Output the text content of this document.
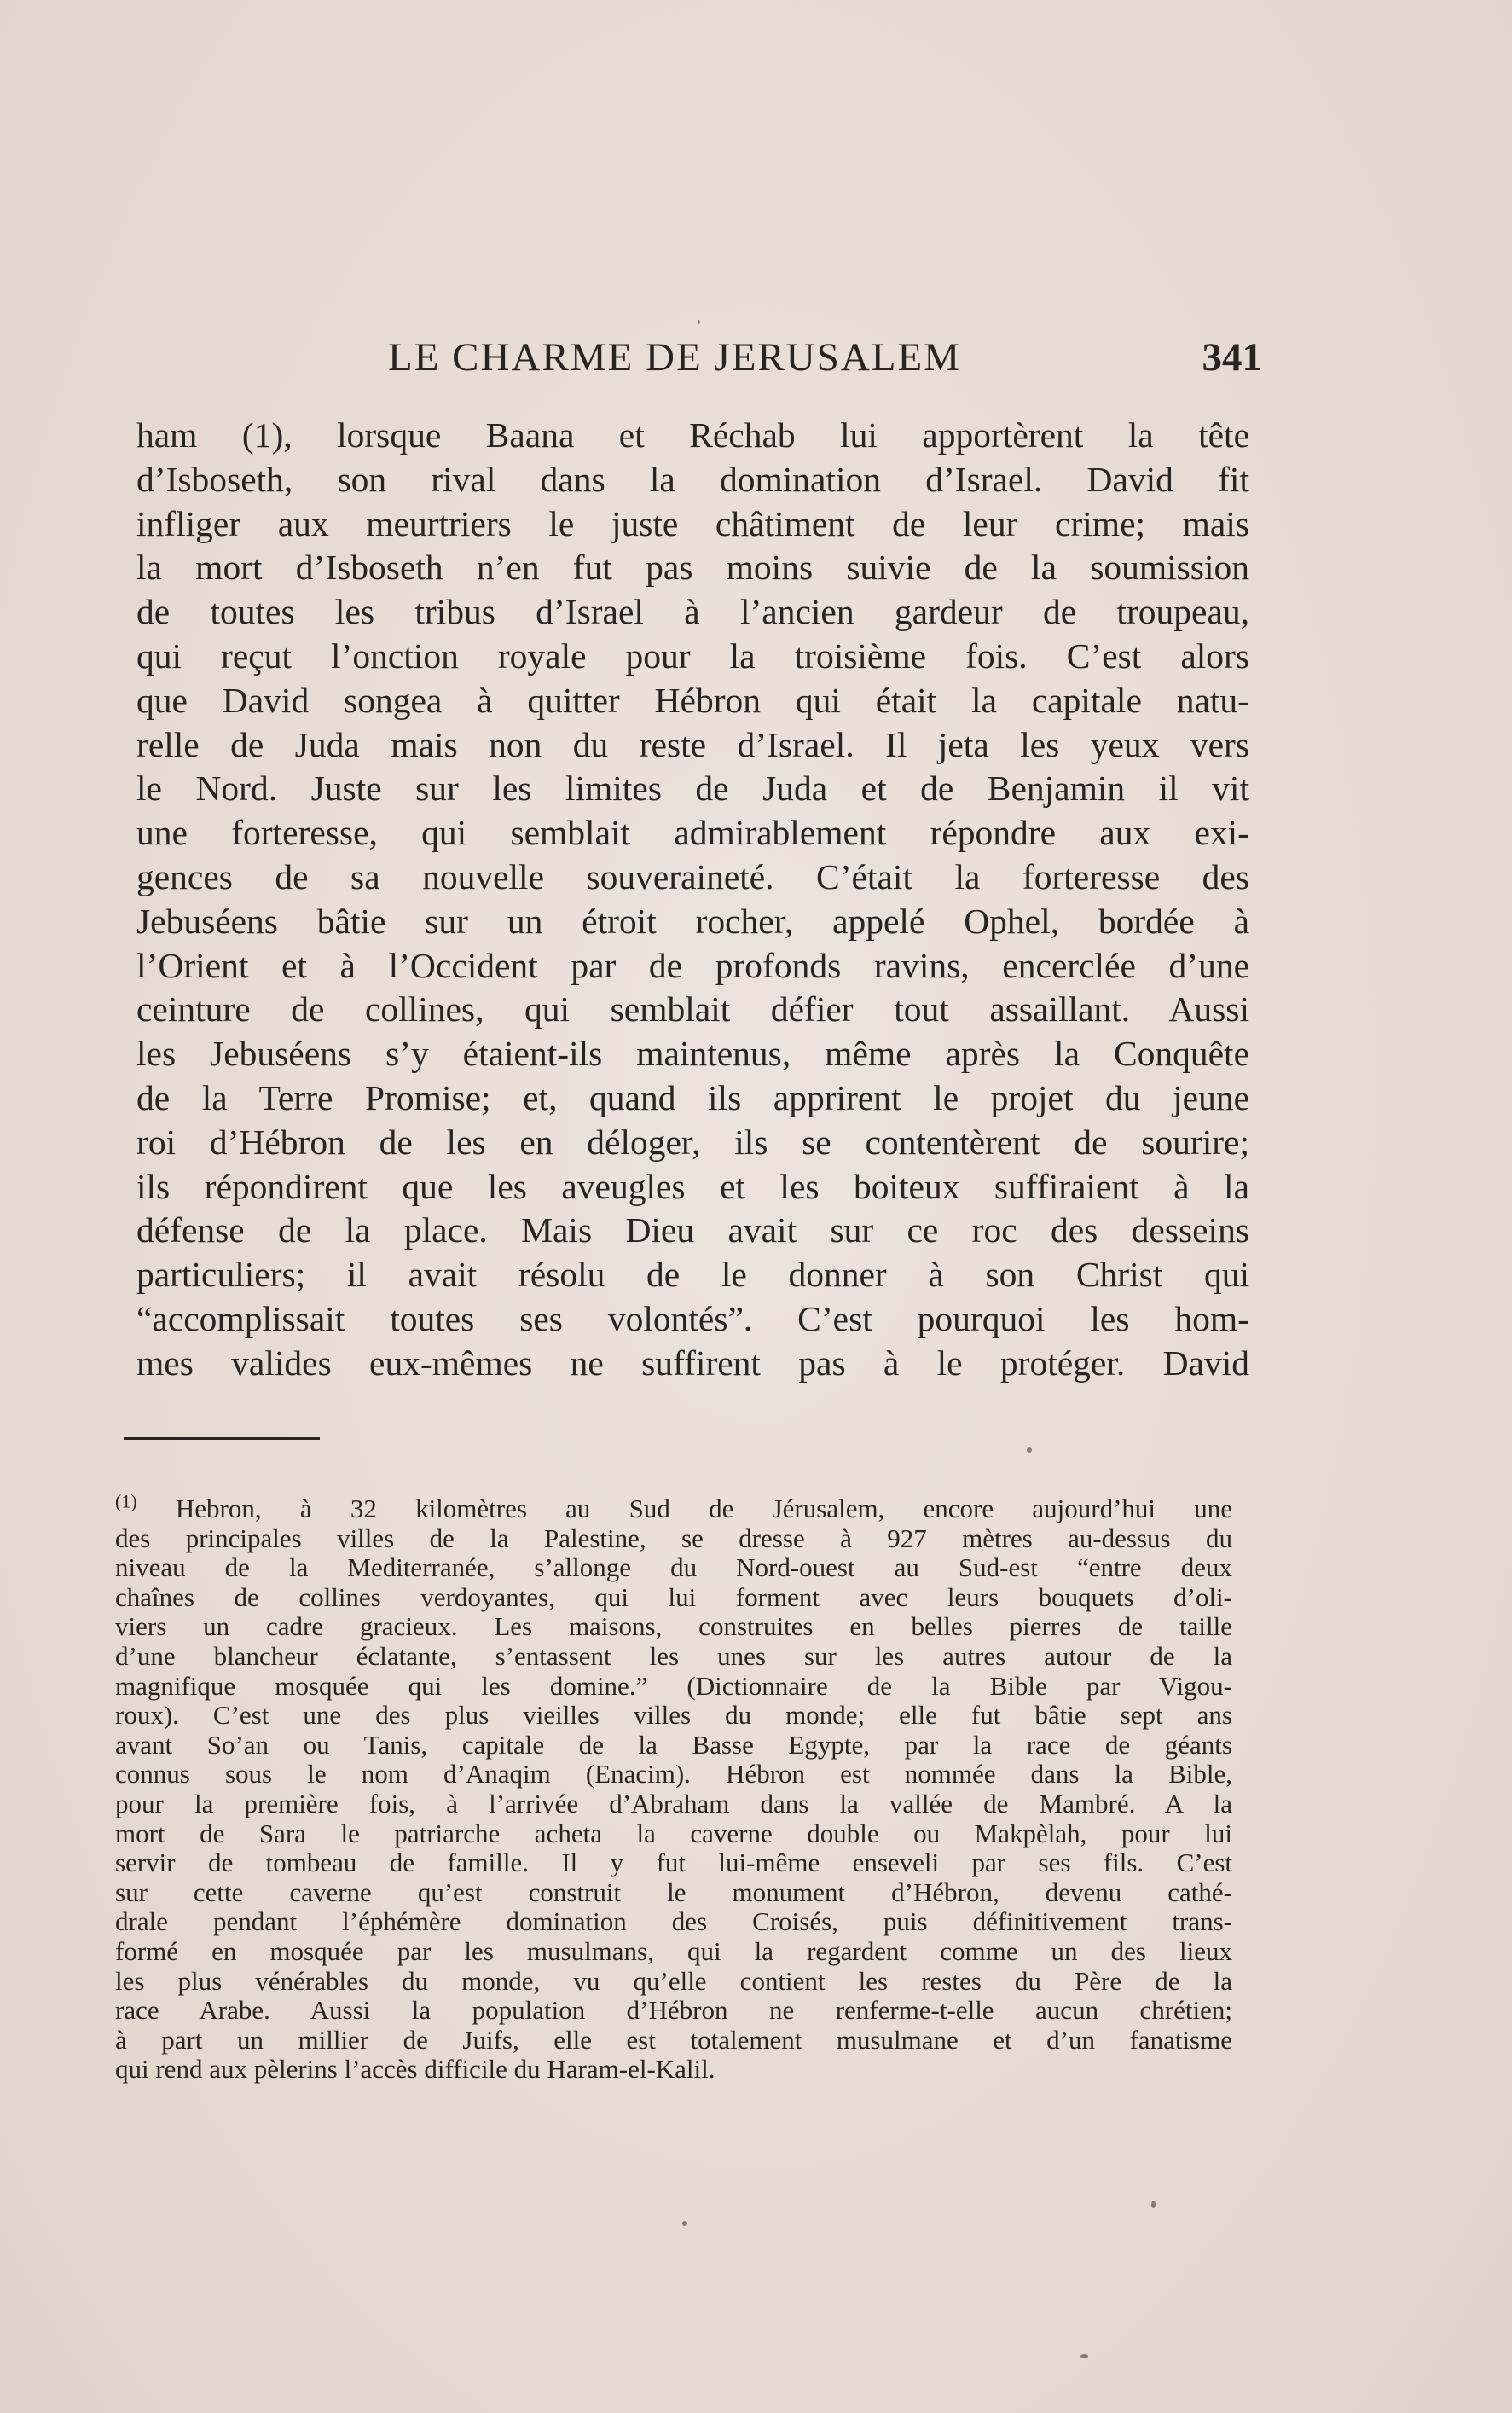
LE CHARME DE JERUSALEM	341
ham (1), lorsque Baana et Réchab lui apportèrent la tête
d’Isboseth, son rival dans la domination d’Israel. David fit
infliger aux meurtriers le juste châtiment de leur crime; mais
la mort d’Isboseth n’en fut pas moins suivie de la soumission
de toutes les tribus d’Israel à l’ancien gardeur de troupeau,
qui reçut l’onction royale pour la troisième fois. C’est alors
que David songea à quitter Hébron qui était la capitale natu-
relle de Juda mais non du reste d’Israel. Il jeta les yeux vers
le Nord. Juste sur les limites de Juda et de Benjamin il vit
une forteresse, qui semblait admirablement répondre aux exi-
gences de sa nouvelle souveraineté. C’était la forteresse des
Jebuséens bâtie sur un étroit rocher, appelé Ophel, bordée à
l’Orient et à l’Occident par de profonds ravins, encerclée d’une
ceinture de collines, qui semblait défier tout assaillant. Aussi
les Jebuséens s’y étaient-ils maintenus, même après la Conquête
de la Terre Promise; et, quand ils apprirent le projet du jeune
roi d’Hébron de les en déloger, ils se contentèrent de sourire;
ils répondirent que les aveugles et les boiteux suffiraient à la
défense de la place. Mais Dieu avait sur ce roc des desseins
particuliers; il avait résolu de le donner à son Christ qui
“accomplissait toutes ses volontés”. C’est pourquoi les hom-
mes valides eux-mêmes ne suffirent pas à le protéger. David
$^{(1)}$ Hebron, à 32 kilomètres au Sud de Jérusalem, encore aujourd’hui une
des principales villes de la Palestine, se dresse à 927 mètres au-dessus du
niveau de la Mediterranée, s’allonge du Nord-ouest au Sud-est “entre deux
chaînes de collines verdoyantes, qui lui forment avec leurs bouquets d’oli-
viers un cadre gracieux. Les maisons, construites en belles pierres de taille
d’une blancheur éclatante, s’entassent les unes sur les autres autour de la
magnifique mosquée qui les domine.” (Dictionnaire de la Bible par Vigou-
roux). C’est une des plus vieilles villes du monde; elle fut bâtie sept ans
avant So’an ou Tanis, capitale de la Basse Egypte, par la race de géants
connus sous le nom d’Anaqim (Enacim). Hébron est nommée dans la Bible,
pour la première fois, à l’arrivée d’Abraham dans la vallée de Mambré. A la
mort de Sara le patriarche acheta la caverne double ou Makpèlah, pour lui
servir de tombeau de famille. Il y fut lui-même enseveli par ses fils. C’est
sur cette caverne qu’est construit le monument d’Hébron, devenu cathé-
drale pendant l’éphémère domination des Croisés, puis définitivement trans-
formé en mosquée par les musulmans, qui la regardent comme un des lieux
les plus vénérables du monde, vu qu’elle contient les restes du Père de la
race Arabe. Aussi la population d’Hébron ne renferme-t-elle aucun chrétien;
à part un millier de Juifs, elle est totalement musulmane et d’un fanatisme
qui rend aux pèlerins l’accès difficile du Haram-el-Kalil.
